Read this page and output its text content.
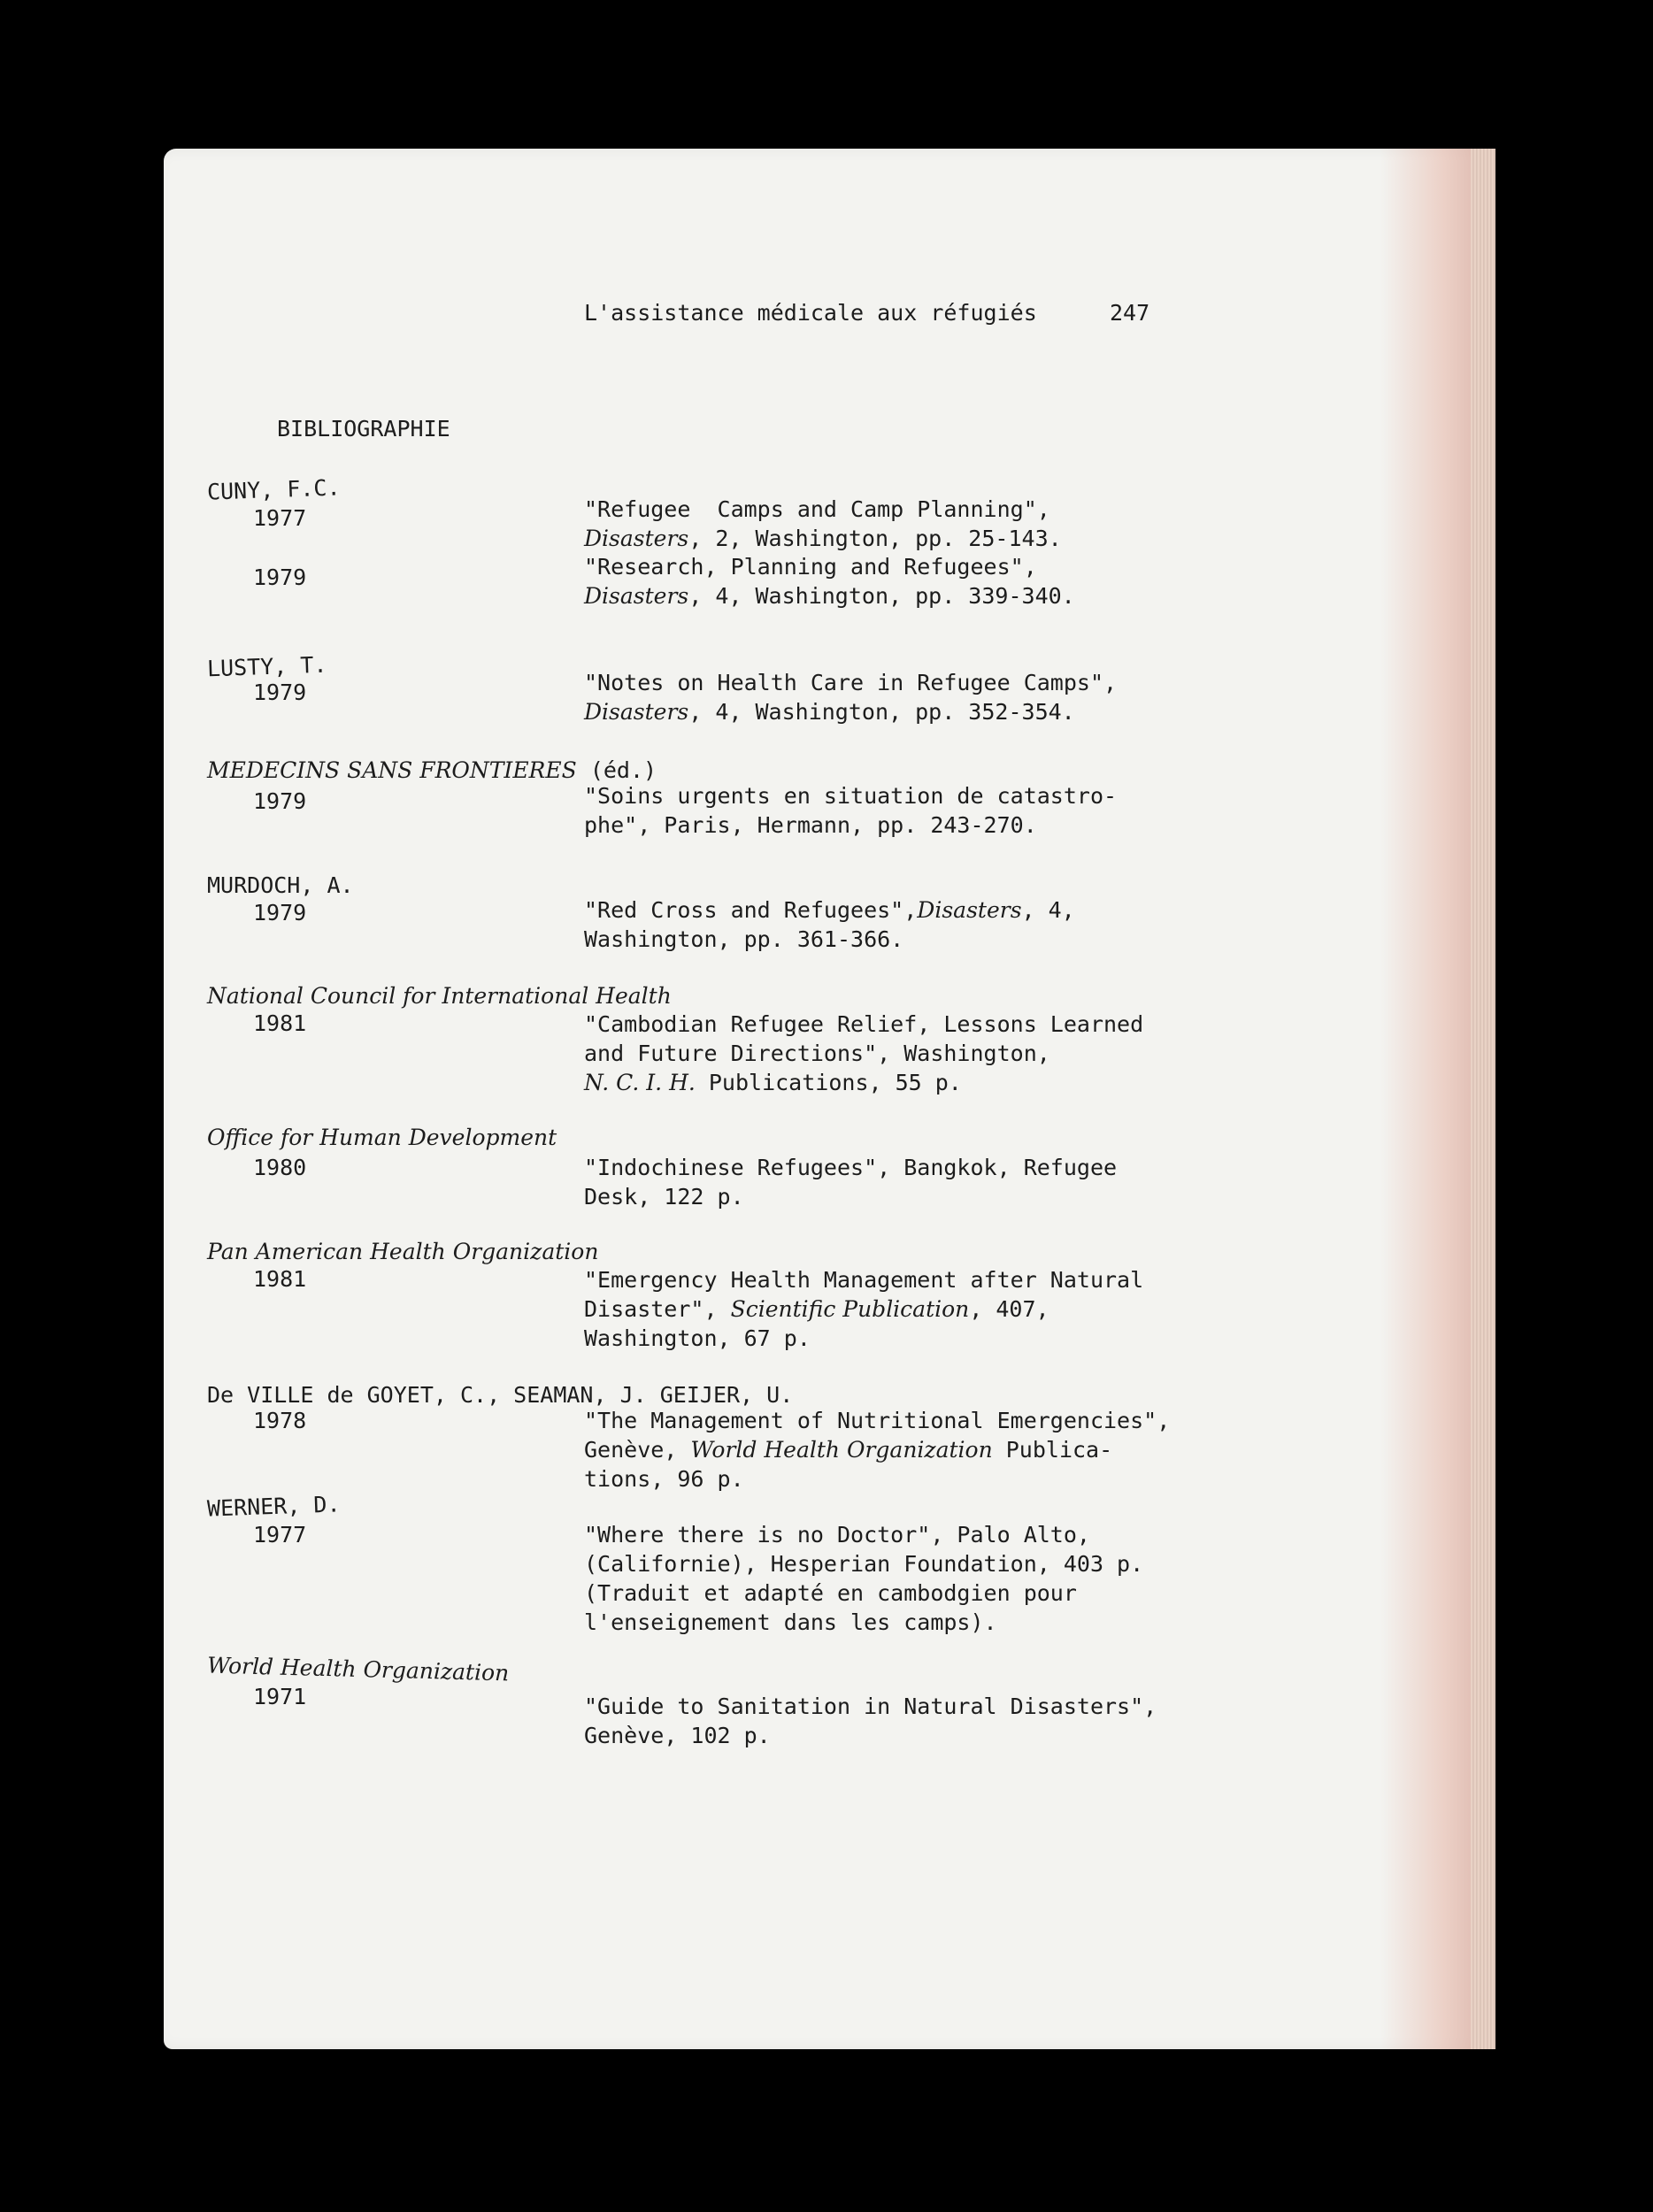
L'assistance médicale aux réfugiés	247
BIBLIOGRAPHIE
CUNY, F.C.
1977	"Refugee  Camps and Camp Planning",
Disasters, 2, Washington, pp. 25-143.
1979	"Research, Planning and Refugees",
Disasters, 4, Washington, pp. 339-340.
LUSTY, T.
1979	"Notes on Health Care in Refugee Camps",
Disasters, 4, Washington, pp. 352-354.
MEDECINS SANS FRONTIERES (éd.)
1979	"Soins urgents en situation de catastro-
phe", Paris, Hermann, pp. 243-270.
MURDOCH, A.
1979	"Red Cross and Refugees",Disasters, 4,
Washington, pp. 361-366.
National Council for International Health
1981	"Cambodian Refugee Relief, Lessons Learned
and Future Directions", Washington,
N. C. I. H. Publications, 55 p.
Office for Human Development
1980	"Indochinese Refugees", Bangkok, Refugee
Desk, 122 p.
Pan American Health Organization
1981	"Emergency Health Management after Natural
Disaster", Scientific Publication, 407,
Washington, 67 p.
De VILLE de GOYET, C., SEAMAN, J. GEIJER, U.
1978	"The Management of Nutritional Emergencies",
Genève, World Health Organization Publica-
tions, 96 p.
WERNER, D.
1977	"Where there is no Doctor", Palo Alto,
(Californie), Hesperian Foundation, 403 p.
(Traduit et adapté en cambodgien pour
l'enseignement dans les camps).
World Health Organization
1971	"Guide to Sanitation in Natural Disasters",
Genève, 102 p.
